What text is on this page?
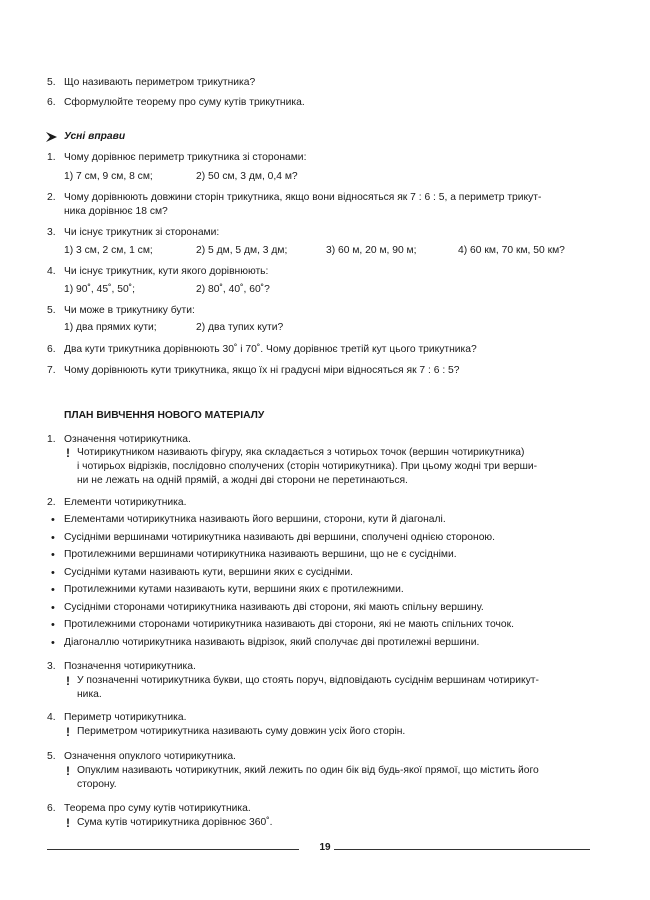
5. Що називають периметром трикутника?
6. Сформулюйте теорему про суму кутів трикутника.
Усні вправи
1. Чому дорівнює периметр трикутника зі сторонами:
1) 7 см, 9 см, 8 см;	2) 50 см, 3 дм, 0,4 м?
2. Чому дорівнюють довжини сторін трикутника, якщо вони відносяться як 7 : 6 : 5, а периметр трикут-
ника дорівнює 18 см?
3. Чи існує трикутник зі сторонами:
1) 3 см, 2 см, 1 см;	2) 5 дм, 5 дм, 3 дм;	3) 60 м, 20 м, 90 м;	4) 60 км, 70 км, 50 км?
4. Чи існує трикутник, кути якого дорівнюють:
1) 90˚, 45˚, 50˚;	2) 80˚, 40˚, 60˚?
5. Чи може в трикутнику бути:
1) два прямих кути;	2) два тупих кути?
6. Два кути трикутника дорівнюють 30˚ і 70˚. Чому дорівнює третій кут цього трикутника?
7. Чому дорівнюють кути трикутника, якщо їх ні градусні міри відносяться як 7 : 6 : 5?
ПЛАН ВИВЧЕННЯ НОВОГО МАТЕРІАЛУ
1. Означення чотирикутника.
! Чотирикутником називають фігуру, яка складається з чотирьох точок (вершин чотирикутника)
і чотирьох відрізків, послідовно сполучених (сторін чотирикутника). При цьому жодні три верши-
ни не лежать на одній прямій, а жодні дві сторони не перетинаються.
2. Елементи чотирикутника.
• Елементами чотирикутника називають його вершини, сторони, кути й діагоналі.
• Сусідніми вершинами чотирикутника називають дві вершини, сполучені однією стороною.
• Протилежними вершинами чотирикутника називають вершини, що не є сусідніми.
• Сусідніми кутами називають кути, вершини яких є сусідніми.
• Протилежними кутами називають кути, вершини яких є протилежними.
• Сусідніми сторонами чотирикутника називають дві сторони, які мають спільну вершину.
• Протилежними сторонами чотирикутника називають дві сторони, які не мають спільних точок.
• Діагоналлю чотирикутника називають відрізок, який сполучає дві протилежні вершини.
3. Позначення чотирикутника.
! У позначенні чотирикутника букви, що стоять поруч, відповідають сусіднім вершинам чотирикут-
ника.
4. Периметр чотирикутника.
! Периметром чотирикутника називають суму довжин усіх його сторін.
5. Означення опуклого чотирикутника.
! Опуклим називають чотирикутник, який лежить по один бік від будь-якої прямої, що містить його
сторону.
6. Теорема про суму кутів чотирикутника.
! Сума кутів чотирикутника дорівнює 360˚.
19
